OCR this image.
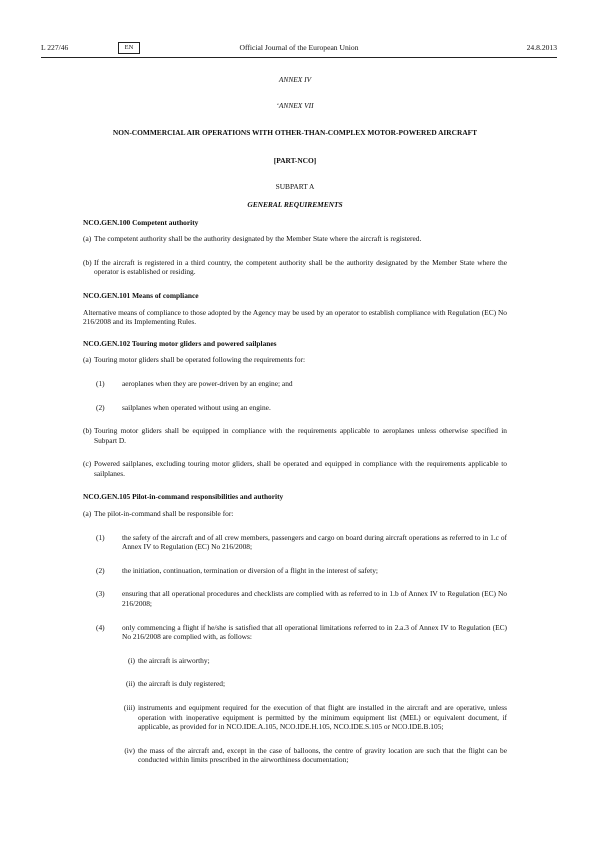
L 227/46	EN	Official Journal of the European Union	24.8.2013
ANNEX IV
‘ANNEX VII
NON-COMMERCIAL AIR OPERATIONS WITH OTHER-THAN-COMPLEX MOTOR-POWERED AIRCRAFT
[PART-NCO]
SUBPART A
GENERAL REQUIREMENTS
NCO.GEN.100 Competent authority
(a) The competent authority shall be the authority designated by the Member State where the aircraft is registered.
(b) If the aircraft is registered in a third country, the competent authority shall be the authority designated by the Member State where the operator is established or residing.
NCO.GEN.101 Means of compliance
Alternative means of compliance to those adopted by the Agency may be used by an operator to establish compliance with Regulation (EC) No 216/2008 and its Implementing Rules.
NCO.GEN.102 Touring motor gliders and powered sailplanes
(a) Touring motor gliders shall be operated following the requirements for:
(1) aeroplanes when they are power-driven by an engine; and
(2) sailplanes when operated without using an engine.
(b) Touring motor gliders shall be equipped in compliance with the requirements applicable to aeroplanes unless otherwise specified in Subpart D.
(c) Powered sailplanes, excluding touring motor gliders, shall be operated and equipped in compliance with the requirements applicable to sailplanes.
NCO.GEN.105 Pilot-in-command responsibilities and authority
(a) The pilot-in-command shall be responsible for:
(1) the safety of the aircraft and of all crew members, passengers and cargo on board during aircraft operations as referred to in 1.c of Annex IV to Regulation (EC) No 216/2008;
(2) the initiation, continuation, termination or diversion of a flight in the interest of safety;
(3) ensuring that all operational procedures and checklists are complied with as referred to in 1.b of Annex IV to Regulation (EC) No 216/2008;
(4) only commencing a flight if he/she is satisfied that all operational limitations referred to in 2.a.3 of Annex IV to Regulation (EC) No 216/2008 are complied with, as follows:
(i) the aircraft is airworthy;
(ii) the aircraft is duly registered;
(iii) instruments and equipment required for the execution of that flight are installed in the aircraft and are operative, unless operation with inoperative equipment is permitted by the minimum equipment list (MEL) or equivalent document, if applicable, as provided for in NCO.IDE.A.105, NCO.IDE.H.105, NCO.IDE.S.105 or NCO.IDE.B.105;
(iv) the mass of the aircraft and, except in the case of balloons, the centre of gravity location are such that the flight can be conducted within limits prescribed in the airworthiness documentation;
